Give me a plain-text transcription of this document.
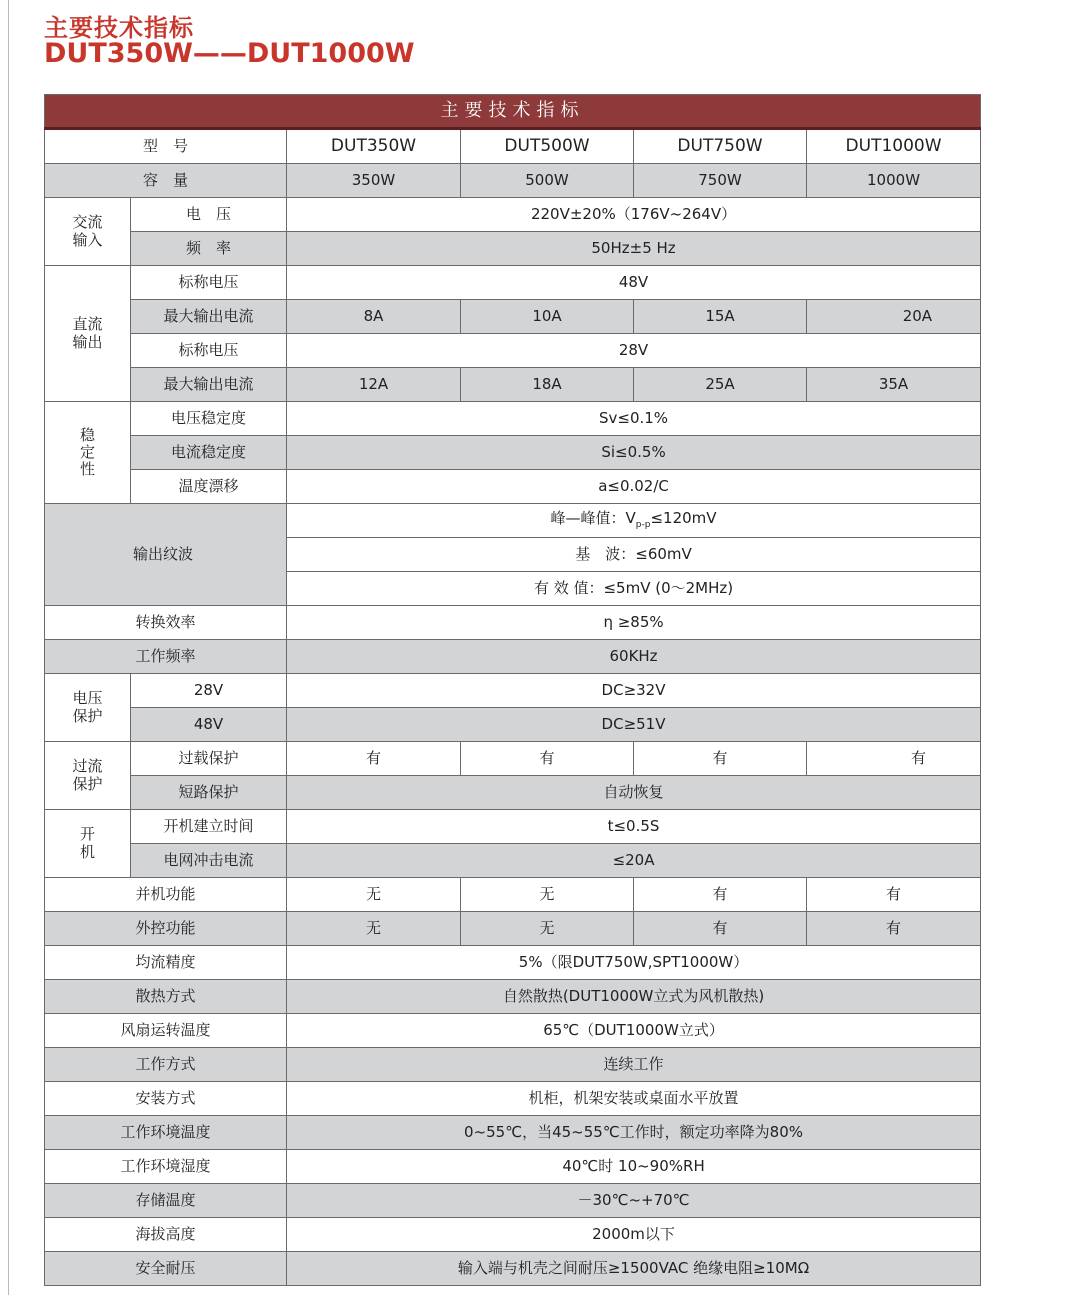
主要技术指标
DUT350W——DUT1000W
主要技术指标					
型　号		DUT350W	DUT500W	DUT750W	DUT1000W
容　量		350W	500W	750W	1000W
交流输入	电　压	220V±20%（176V~264V）			
	频　率	50Hz±5 Hz			
直流输出	标称电压	48V			
	最大输出电流	8A	10A	15A	20A
	标称电压	28V			
	最大输出电流	12A	18A	25A	35A
稳定性	电压稳定度	Sv≤0.1%			
	电流稳定度	Si≤0.5%			
	温度漂移	a≤0.02/C			
输出纹波		峰—峰值：$V_{p-p}\le 120mV$			
		基　波：≤60mV			
		有 效 值：≤5mV (0～2MHz)			
转换效率		η ≥85%			
工作频率		60KHz			
电压保护	28V	DC≥32V			
	48V	DC≥51V			
过流保护	过载保护	有	有	有	有
	短路保护	自动恢复			
开机	开机建立时间	t≤0.5S			
	电网冲击电流	≤20A			
并机功能		无	无	有	有
外控功能		无	无	有	有
均流精度		5%（限DUT750W,SPT1000W）			
散热方式		自然散热(DUT1000W立式为风机散热)			
风扇运转温度		65℃（DUT1000W立式）			
工作方式		连续工作			
安装方式		机柜，机架安装或桌面水平放置			
工作环境温度		0~55℃，当45~55℃工作时，额定功率降为80%			
工作环境湿度		40℃时 10~90%RH			
存储温度		－30℃~+70℃			
海拔高度		2000m以下			
安全耐压		输入端与机壳之间耐压≥1500VAC 绝缘电阻≥10MΩ			
